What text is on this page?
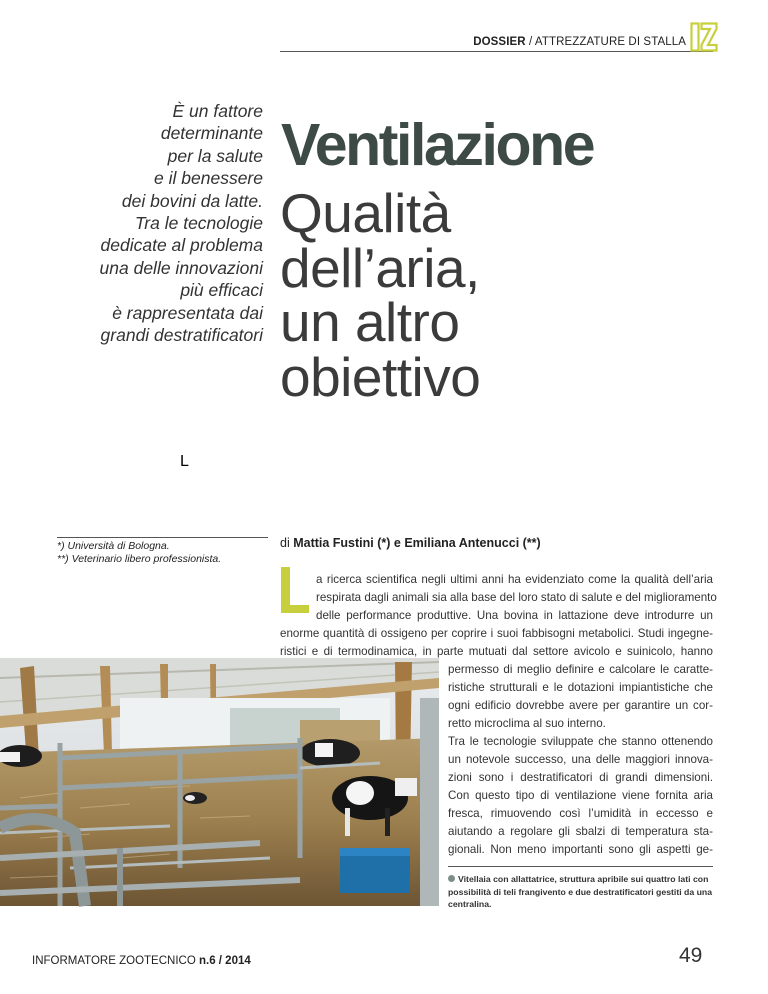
DOSSIER / ATTREZZATURE DI STALLA
È un fattore
determinante
per la salute
e il benessere
dei bovini da latte.
Tra le tecnologie
dedicate al problema
una delle innovazioni
più efficaci
è rappresentata dai
grandi destratificatori
Ventilazione
Qualità
dell’aria,
un altro
obiettivo
*) Università di Bologna.
**) Veterinario libero professionista.
di Mattia Fustini (*) e Emiliana Antenucci (**)
L
a ricerca scientifica negli ultimi anni ha evidenziato come la qualità dell’aria
respirata dagli animali sia alla base del loro stato di salute e del miglioramento
delle performance produttive. Una bovina in lattazione deve introdurre un
enorme quantità di ossigeno per coprire i suoi fabbisogni metabolici. Studi ingegne-
ristici e di termodinamica, in parte mutuati dal settore avicolo e suinicolo, hanno
permesso di meglio definire e calcolare le caratte-
ristiche strutturali e le dotazioni impiantistiche che
ogni edificio dovrebbe avere per garantire un cor-
retto microclima al suo interno.
Tra le tecnologie sviluppate che stanno ottenendo
un notevole successo, una delle maggiori innova-
zioni sono i destratificatori di grandi dimensioni.
Con questo tipo di ventilazione viene fornita aria
fresca, rimuovendo così l’umidità in eccesso e
aiutando a regolare gli sbalzi di temperatura sta-
gionali. Non meno importanti sono gli aspetti ge-
Vitellaia con allattatrice, struttura apribile sui quattro lati con
possibilità di teli frangivento e due destratificatori gestiti da una
centralina.
INFORMATORE ZOOTECNICO n.6 / 2014	49
